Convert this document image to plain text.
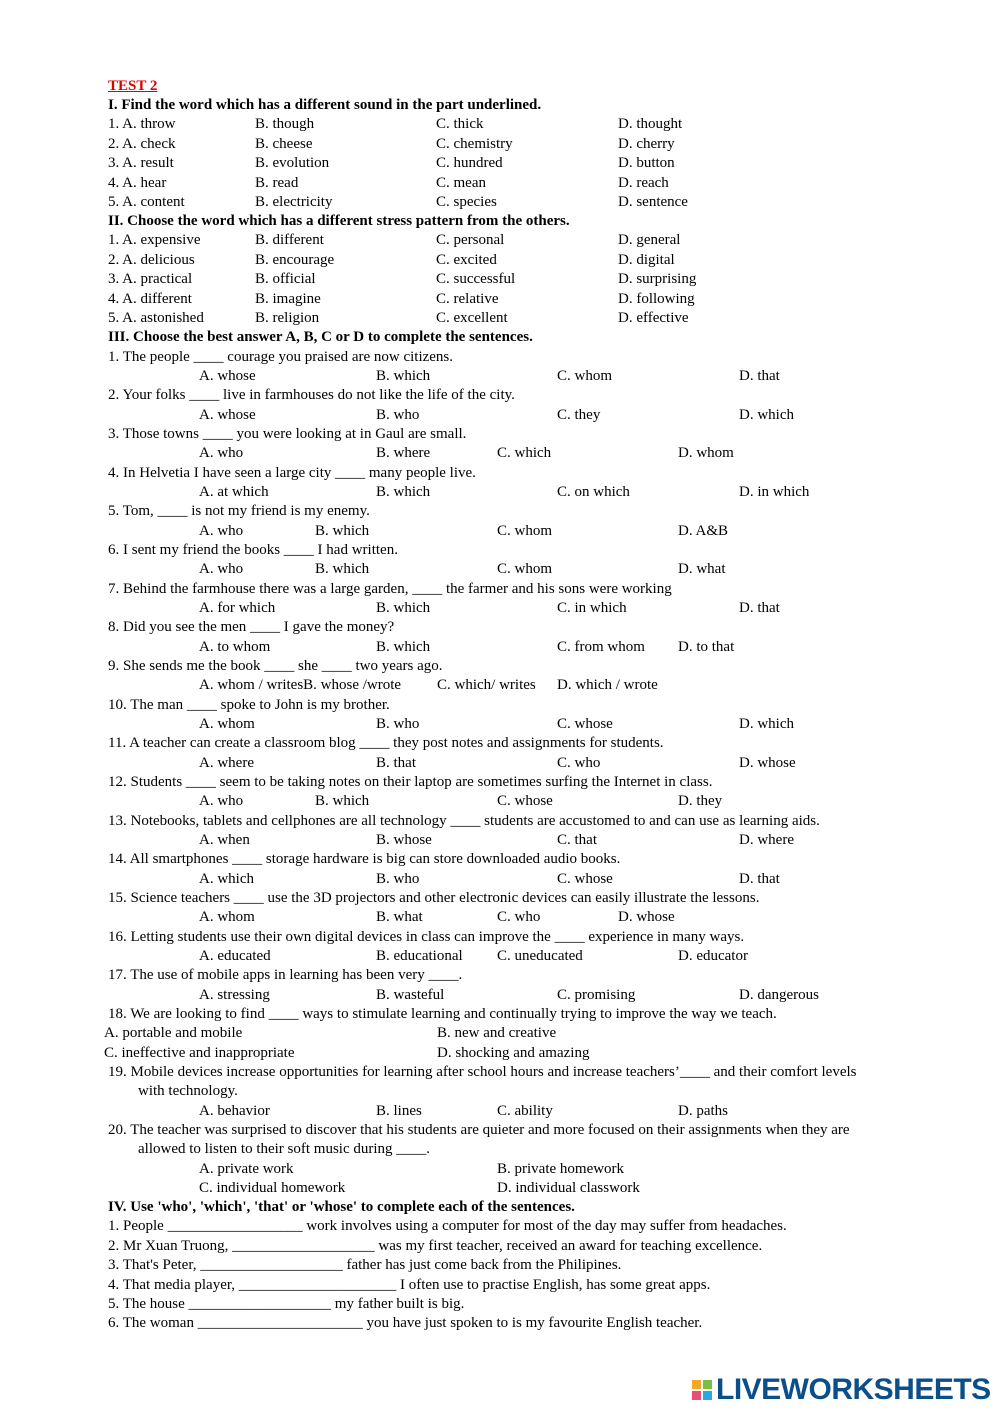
TEST 2
I. Find the word which has a different sound in the part underlined.
1. A. throw	B. though	C. thick	D. thought
2. A. check	B. cheese	C. chemistry	D. cherry
3. A. result	B. evolution	C. hundred	D. button
4. A. hear	B. read	C. mean	D. reach
5. A. content	B. electricity	C. species	D. sentence
II. Choose the word which has a different stress pattern from the others.
1. A. expensive	B. different	C. personal	D. general
2. A. delicious	B. encourage	C. excited	D. digital
3. A. practical	B. official	C. successful	D. surprising
4. A. different	B. imagine	C. relative	D. following
5. A. astonished	B. religion	C. excellent	D. effective
III. Choose the best answer A, B, C or D to complete the sentences.
1. The people ____ courage you praised are now citizens.
A. whose	B. which	C. whom	D. that
2. Your folks ____ live in farmhouses do not like the life of the city.
A. whose	B. who	C. they	D. which
3. Those towns ____ you were looking at in Gaul are small.
A. who	B. where	C. which	D. whom
4. In Helvetia I have seen a large city ____ many people live.
A. at which	B. which	C. on which	D. in which
5. Tom, ____ is not my friend is my enemy.
A. who	B. which	C. whom	D. A&B
6. I sent my friend the books ____ I had written.
A. who	B. which	C. whom	D. what
7. Behind the farmhouse there was a large garden, ____ the farmer and his sons were working
A. for which	B. which	C. in which	D. that
8. Did you see the men ____ I gave the money?
A. to whom	B. which	C. from whom D. to that
9. She sends me the book ____ she ____ two years ago.
A. whom / writesB. whose /wrote C. which/ writes D. which / wrote
10. The man ____ spoke to John is my brother.
A. whom	B. who	C. whose	D. which
11. A teacher can create a classroom blog ____ they post notes and assignments for students.
A. where	B. that	C. who	D. whose
12. Students ____ seem to be taking notes on their laptop are sometimes surfing the Internet in class.
A. who	B. which	C. whose	D. they
13. Notebooks, tablets and cellphones are all technology ____ students are accustomed to and can use as learning aids.
A. when	B. whose	C. that	D. where
14. All smartphones ____ storage hardware is big can store downloaded audio books.
A. which	B. who	C. whose	D. that
15. Science teachers ____ use the 3D projectors and other electronic devices can easily illustrate the lessons.
A. whom	B. what	C. who	D. whose
16. Letting students use their own digital devices in class can improve the ____ experience in many ways.
A. educated	B. educational C. uneducated	D. educator
17. The use of mobile apps in learning has been very ____.
A. stressing	B. wasteful	C. promising	D. dangerous
18. We are looking to find ____ ways to stimulate learning and continually trying to improve the way we teach.
A. portable and mobile	B. new and creative
C. ineffective and inappropriate	D. shocking and amazing
19. Mobile devices increase opportunities for learning after school hours and increase teachers’____ and their comfort levels
with technology.
A. behavior	B. lines	C. ability	D. paths
20. The teacher was surprised to discover that his students are quieter and more focused on their assignments when they are
allowed to listen to their soft music during ____.
A. private work	B. private homework
C. individual homework	D. individual classwork
IV. Use 'who', 'which', 'that' or 'whose' to complete each of the sentences.
1. People __________________ work involves using a computer for most of the day may suffer from headaches.
2. Mr Xuan Truong, ___________________ was my first teacher, received an award for teaching excellence.
3. That's Peter, ___________________ father has just come back from the Philipines.
4. That media player, _____________________ I often use to practise English, has some great apps.
5. The house ___________________ my father built is big.
6. The woman ______________________ you have just spoken to is my favourite English teacher.
LIVEWORKSHEETS
